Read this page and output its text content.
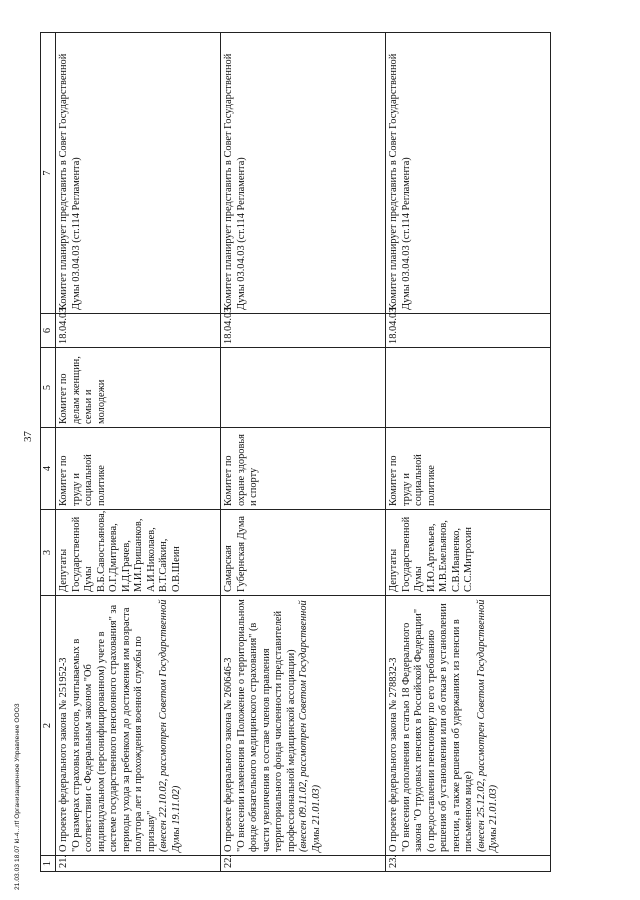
37
1	2	3	4	5	6	7
21.	О проекте федерального закона № 251952-3 "О размерах страховых взносов, учитываемых в соответствии с Федеральным законом "Об индивидуальном (персонифицированном) учете в системе государственного пенсионного страхования" за периоды ухода за ребенком до достижения им возраста полутора лет и прохождения военной службы по призыву" (внесен 22.10.02, рассмотрен Советом Государственной Думы 19.11.02)	Депутаты Государственной Думы В.Б.Савостьянова, О.Г.Дмитриева, И.Д.Грачев, М.И.Гришанков, А.И.Николаев, В.Т.Сайкин, О.В.Шеин	Комитет по труду и социальной политике	Комитет по делам женщин, семьи и молодежи	18.04.03	Комитет планирует представить в Совет Государственной Думы 03.04.03 (ст.114 Регламента)
22.	О проекте федерального закона № 260646-3 "О внесении изменения в Положение о территориальном фонде обязательного медицинского страхования" (в части увеличения в составе членов правления территориального фонда численности представителей профессиональной медицинской ассоциации) (внесен 09.11.02, рассмотрен Советом Государственной Думы 21.01.03)	Самарская Губернская Дума	Комитет по охране здоровья и спорту		18.04.03	Комитет планирует представить в Совет Государственной Думы 03.04.03 (ст.114 Регламента)
23.	О проекте федерального закона № 278832-3 "О внесении дополнения в статью 18 Федерального закона "О трудовых пенсиях в Российской Федерации" (о предоставлении пенсионеру по его требованию решения об установлении или об отказе в установлении пенсии, а также решения об удержаниях из пенсии в письменном виде) (внесен 25.12.02, рассмотрен Советом Государственной Думы 21.01.03)	Депутаты Государственной Думы И.Ю.Артемьев, М.В.Емельянов, С.В.Иваненко, С.С.Митрохин	Комитет по труду и социальной политике		18.04.03	Комитет планирует представить в Совет Государственной Думы 03.04.03 (ст.114 Регламента)
21.03.03 18.07 kl-4...rtf Организационное Управление ООО3
